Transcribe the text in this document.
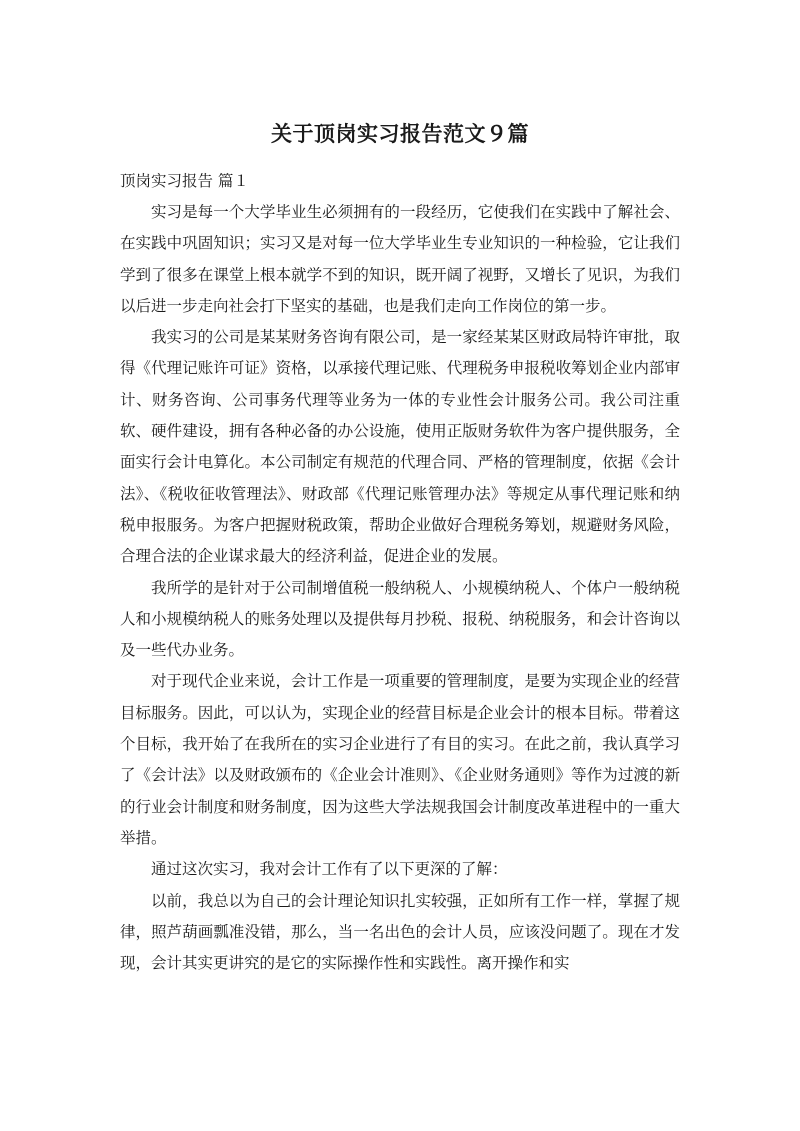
关于顶岗实习报告范文９篇

顶岗实习报告 篇１

实习是每一个大学毕业生必须拥有的一段经历，它使我们在实践中了解社会、在实践中巩固知识；实习又是对每一位大学毕业生专业知识的一种检验，它让我们学到了很多在课堂上根本就学不到的知识，既开阔了视野，又增长了见识，为我们以后进一步走向社会打下坚实的基础，也是我们走向工作岗位的第一步。

我实习的公司是某某财务咨询有限公司，是一家经某某区财政局特许审批，取得《代理记账许可证》资格，以承接代理记账、代理税务申报税收筹划企业内部审计、财务咨询、公司事务代理等业务为一体的专业性会计服务公司。我公司注重软、硬件建设，拥有各种必备的办公设施，使用正版财务软件为客户提供服务，全面实行会计电算化。本公司制定有规范的代理合同、严格的管理制度，依据《会计法》、《税收征收管理法》、财政部《代理记账管理办法》等规定从事代理记账和纳税申报服务。为客户把握财税政策，帮助企业做好合理税务筹划，规避财务风险，合理合法的企业谋求最大的经济利益，促进企业的发展。

我所学的是针对于公司制增值税一般纳税人、小规模纳税人、个体户一般纳税人和小规模纳税人的账务处理以及提供每月抄税、报税、纳税服务，和会计咨询以及一些代办业务。

对于现代企业来说，会计工作是一项重要的管理制度，是要为实现企业的经营目标服务。因此，可以认为，实现企业的经营目标是企业会计的根本目标。带着这个目标，我开始了在我所在的实习企业进行了有目的实习。在此之前，我认真学习了《会计法》以及财政颁布的《企业会计准则》、《企业财务通则》等作为过渡的新的行业会计制度和财务制度，因为这些大学法规我国会计制度改革进程中的一重大举措。

通过这次实习，我对会计工作有了以下更深的了解：

以前，我总以为自己的会计理论知识扎实较强，正如所有工作一样，掌握了规律，照芦葫画瓢准没错，那么，当一名出色的会计人员，应该没问题了。现在才发现，会计其实更讲究的是它的实际操作性和实践性。离开操作和实
